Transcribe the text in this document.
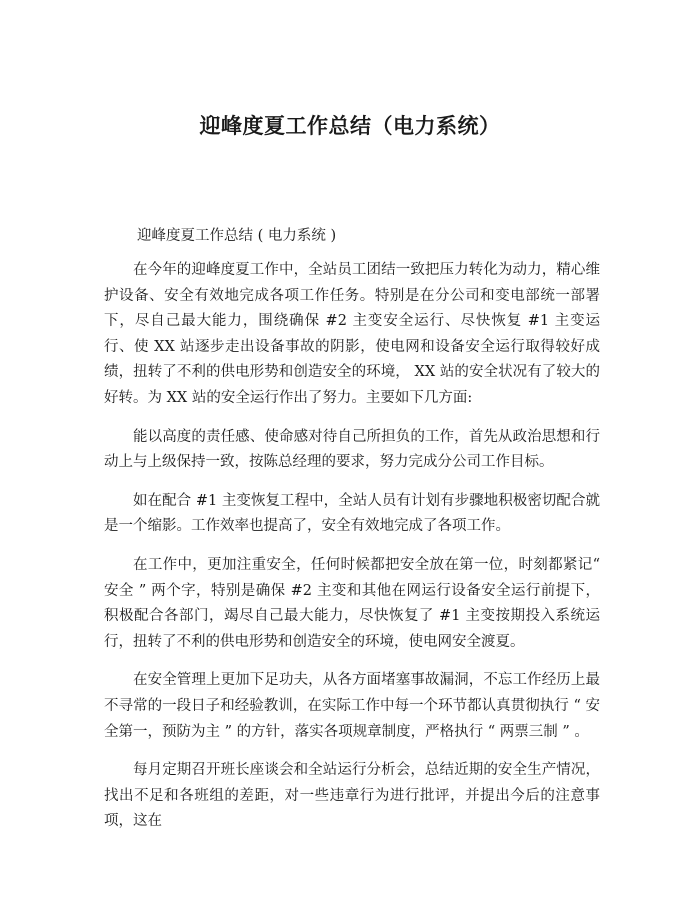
迎峰度夏工作总结（电力系统）

迎峰度夏工作总结 ( 电力系统 )

在今年的迎峰度夏工作中，全站员工团结一致把压力转化为动力，精心维护设备、安全有效地完成各项工作任务。特别是在分公司和变电部统一部署下，尽自己最大能力，围绕确保 #2 主变安全运行、尽快恢复 #1 主变运行、使 XX 站逐步走出设备事故的阴影，使电网和设备安全运行取得较好成绩，扭转了不利的供电形势和创造安全的环境， XX 站的安全状况有了较大的好转。为 XX 站的安全运行作出了努力。主要如下几方面:

能以高度的责任感、使命感对待自己所担负的工作，首先从政治思想和行动上与上级保持一致，按陈总经理的要求，努力完成分公司工作目标。

如在配合 #1 主变恢复工程中，全站人员有计划有步骤地积极密切配合就是一个缩影。工作效率也提高了，安全有效地完成了各项工作。

在工作中，更加注重安全，任何时候都把安全放在第一位，时刻都紧记“ 安全 ” 两个字，特别是确保 #2 主变和其他在网运行设备安全运行前提下，积极配合各部门，竭尽自己最大能力，尽快恢复了 #1 主变按期投入系统运行，扭转了不利的供电形势和创造安全的环境，使电网安全渡夏。

在安全管理上更加下足功夫，从各方面堵塞事故漏洞，不忘工作经历上最不寻常的一段日子和经验教训，在实际工作中每一个环节都认真贯彻执行 “ 安全第一，预防为主 ” 的方针，落实各项规章制度，严格执行 “ 两票三制 ” 。

每月定期召开班长座谈会和全站运行分析会，总结近期的安全生产情况，找出不足和各班组的差距，对一些违章行为进行批评，并提出今后的注意事项，这在
